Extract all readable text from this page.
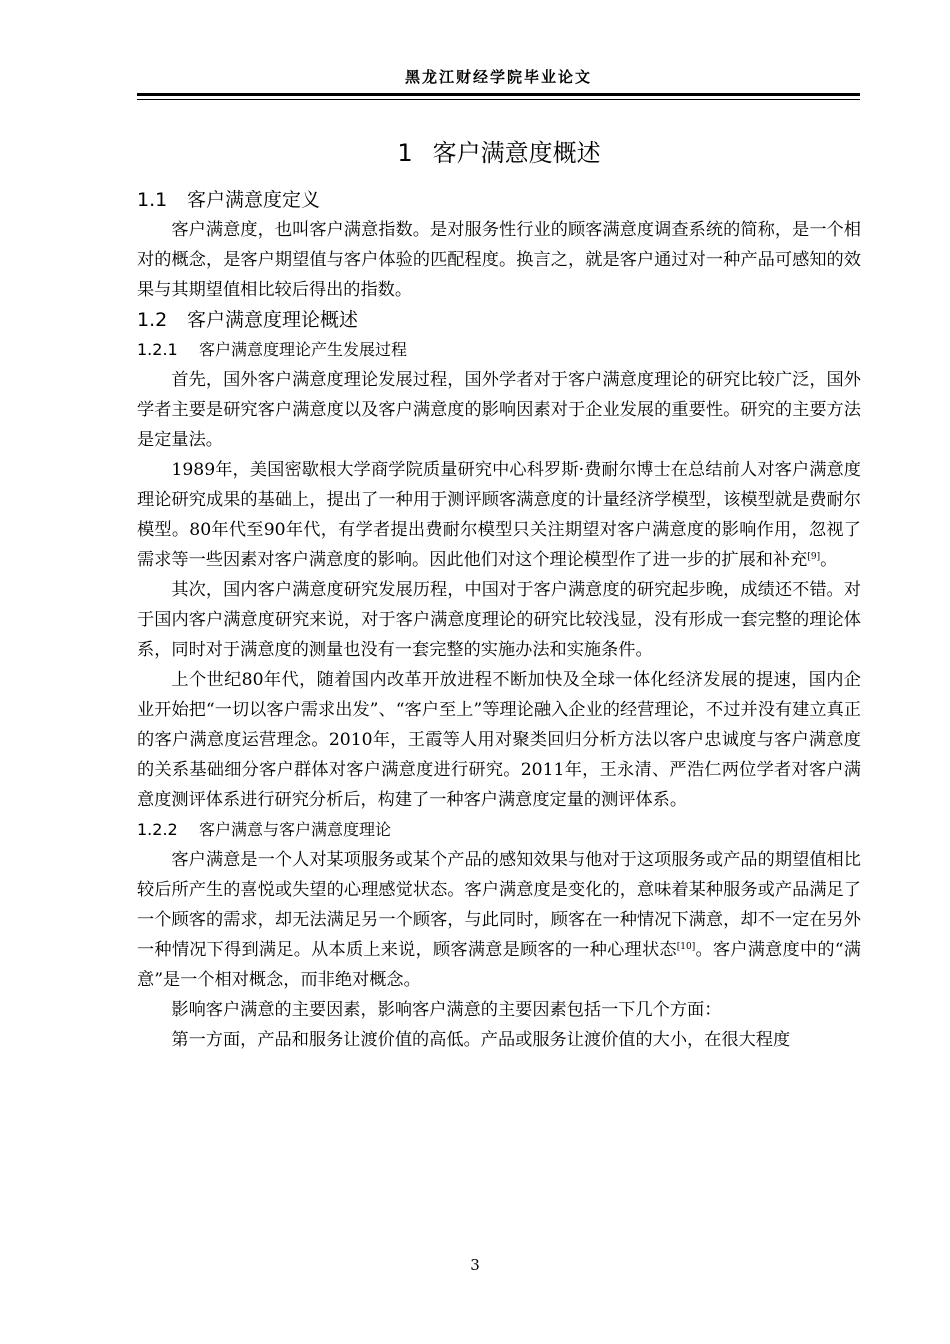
黑龙江财经学院毕业论文
1 客户满意度概述
1.1 客户满意度定义

客户满意度，也叫客户满意指数。是对服务性行业的顾客满意度调查系统的简称，是一个相对的概念，是客户期望值与客户体验的匹配程度。换言之，就是客户通过对一种产品可感知的效果与其期望值相比较后得出的指数。

1.2 客户满意度理论概述
1.2.1 客户满意度理论产生发展过程

首先，国外客户满意度理论发展过程，国外学者对于客户满意度理论的研究比较广泛，国外学者主要是研究客户满意度以及客户满意度的影响因素对于企业发展的重要性。研究的主要方法是定量法。

1989年，美国密歇根大学商学院质量研究中心科罗斯·费耐尔博士在总结前人对客户满意度理论研究成果的基础上，提出了一种用于测评顾客满意度的计量经济学模型，该模型就是费耐尔模型。80年代至90年代，有学者提出费耐尔模型只关注期望对客户满意度的影响作用，忽视了需求等一些因素对客户满意度的影响。因此他们对这个理论模型作了进一步的扩展和补充[9]。

其次，国内客户满意度研究发展历程，中国对于客户满意度的研究起步晚，成绩还不错。对于国内客户满意度研究来说，对于客户满意度理论的研究比较浅显，没有形成一套完整的理论体系，同时对于满意度的测量也没有一套完整的实施办法和实施条件。

上个世纪80年代，随着国内改革开放进程不断加快及全球一体化经济发展的提速，国内企业开始把“一切以客户需求出发”、“客户至上”等理论融入企业的经营理论，不过并没有建立真正的客户满意度运营理念。2010年，王霞等人用对聚类回归分析方法以客户忠诚度与客户满意度的关系基础细分客户群体对客户满意度进行研究。2011年，王永清、严浩仁两位学者对客户满意度测评体系进行研究分析后，构建了一种客户满意度定量的测评体系。

1.2.2 客户满意与客户满意度理论

客户满意是一个人对某项服务或某个产品的感知效果与他对于这项服务或产品的期望值相比较后所产生的喜悦或失望的心理感觉状态。客户满意度是变化的，意味着某种服务或产品满足了一个顾客的需求，却无法满足另一个顾客，与此同时，顾客在一种情况下满意，却不一定在另外一种情况下得到满足。从本质上来说，顾客满意是顾客的一种心理状态[10]。客户满意度中的“满意”是一个相对概念，而非绝对概念。

影响客户满意的主要因素，影响客户满意的主要因素包括一下几个方面：

第一方面，产品和服务让渡价值的高低。产品或服务让渡价值的大小，在很大程度

3
